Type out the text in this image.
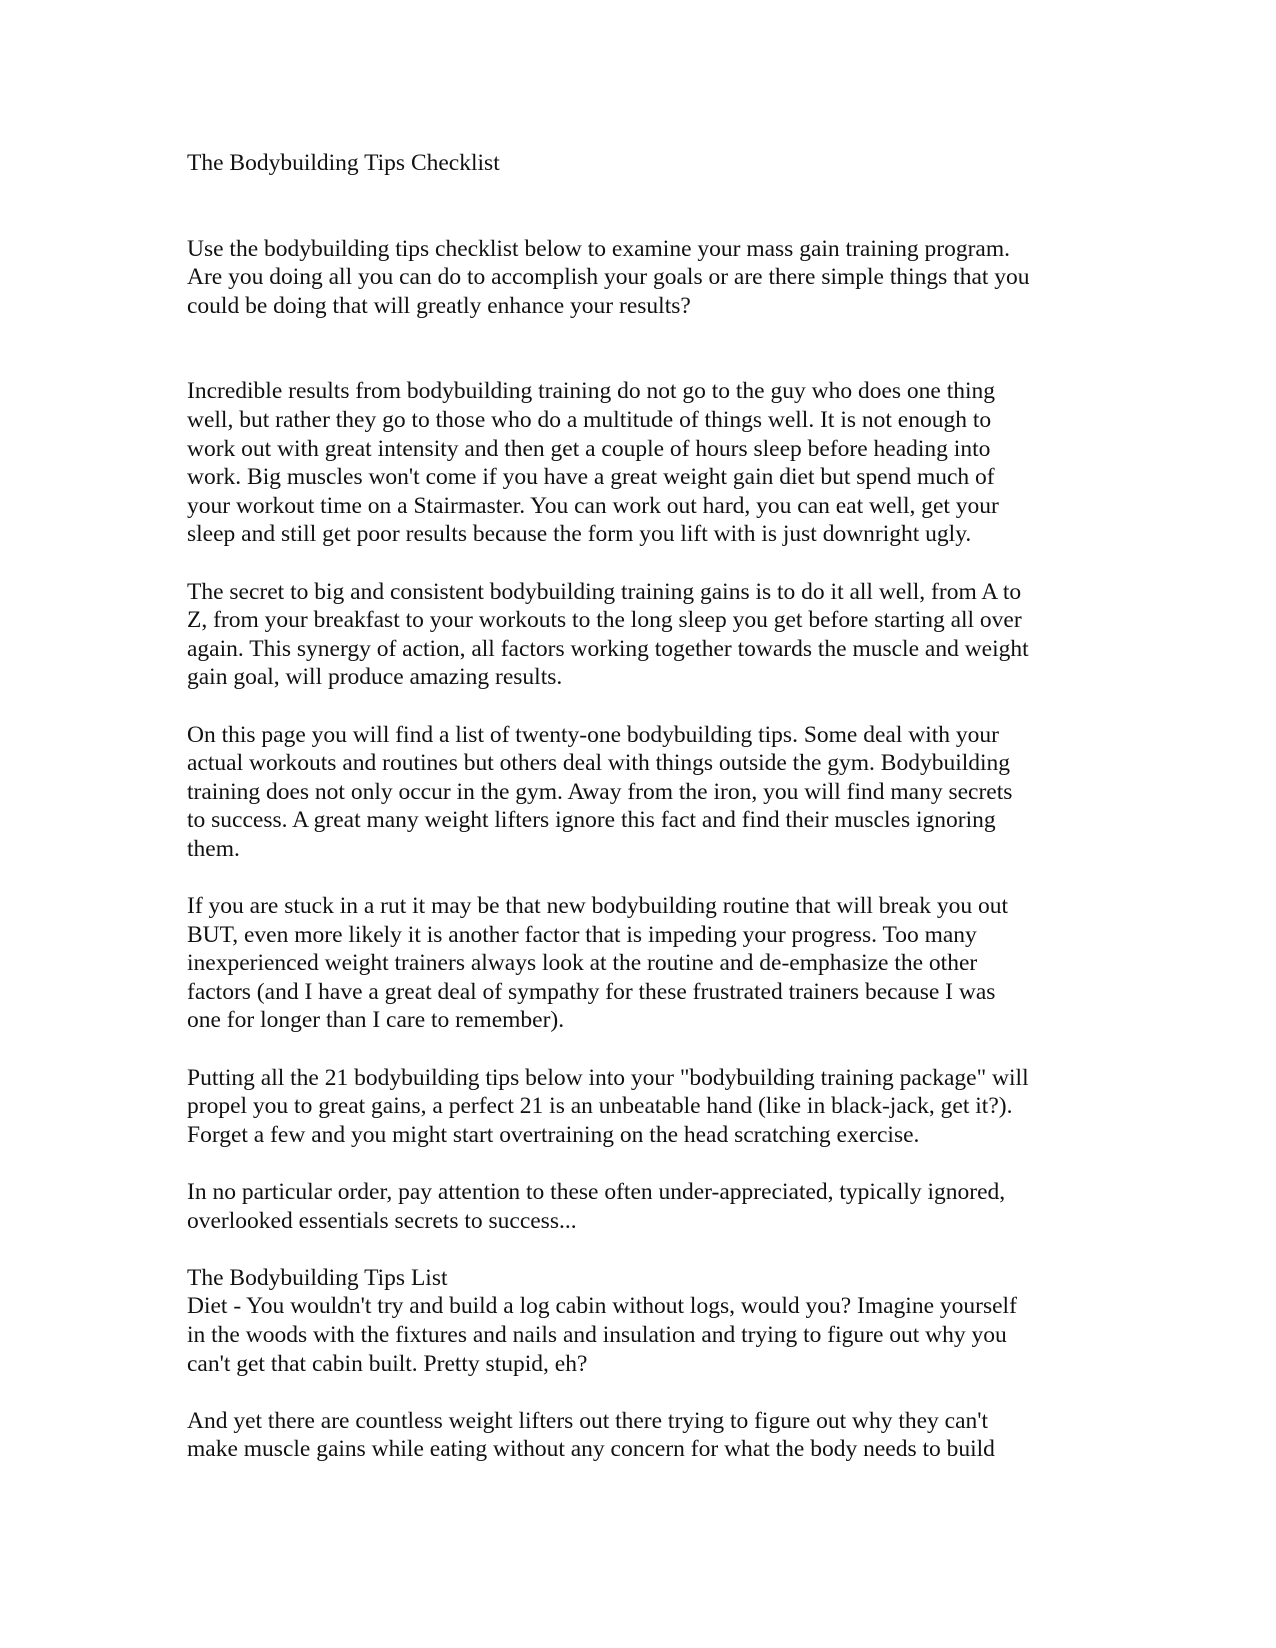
The Bodybuilding Tips Checklist
Use the bodybuilding tips checklist below to examine your mass gain training program.
Are you doing all you can do to accomplish your goals or are there simple things that you
could be doing that will greatly enhance your results?
Incredible results from bodybuilding training do not go to the guy who does one thing
well, but rather they go to those who do a multitude of things well. It is not enough to
work out with great intensity and then get a couple of hours sleep before heading into
work. Big muscles won't come if you have a great weight gain diet but spend much of
your workout time on a Stairmaster. You can work out hard, you can eat well, get your
sleep and still get poor results because the form you lift with is just downright ugly.
The secret to big and consistent bodybuilding training gains is to do it all well, from A to
Z, from your breakfast to your workouts to the long sleep you get before starting all over
again. This synergy of action, all factors working together towards the muscle and weight
gain goal, will produce amazing results.
On this page you will find a list of twenty-one bodybuilding tips. Some deal with your
actual workouts and routines but others deal with things outside the gym. Bodybuilding
training does not only occur in the gym. Away from the iron, you will find many secrets
to success. A great many weight lifters ignore this fact and find their muscles ignoring
them.
If you are stuck in a rut it may be that new bodybuilding routine that will break you out
BUT, even more likely it is another factor that is impeding your progress. Too many
inexperienced weight trainers always look at the routine and de-emphasize the other
factors (and I have a great deal of sympathy for these frustrated trainers because I was
one for longer than I care to remember).
Putting all the 21 bodybuilding tips below into your "bodybuilding training package" will
propel you to great gains, a perfect 21 is an unbeatable hand (like in black-jack, get it?).
Forget a few and you might start overtraining on the head scratching exercise.
In no particular order, pay attention to these often under-appreciated, typically ignored,
overlooked essentials secrets to success...
The Bodybuilding Tips List
Diet - You wouldn't try and build a log cabin without logs, would you? Imagine yourself
in the woods with the fixtures and nails and insulation and trying to figure out why you
can't get that cabin built. Pretty stupid, eh?
And yet there are countless weight lifters out there trying to figure out why they can't
make muscle gains while eating without any concern for what the body needs to build
